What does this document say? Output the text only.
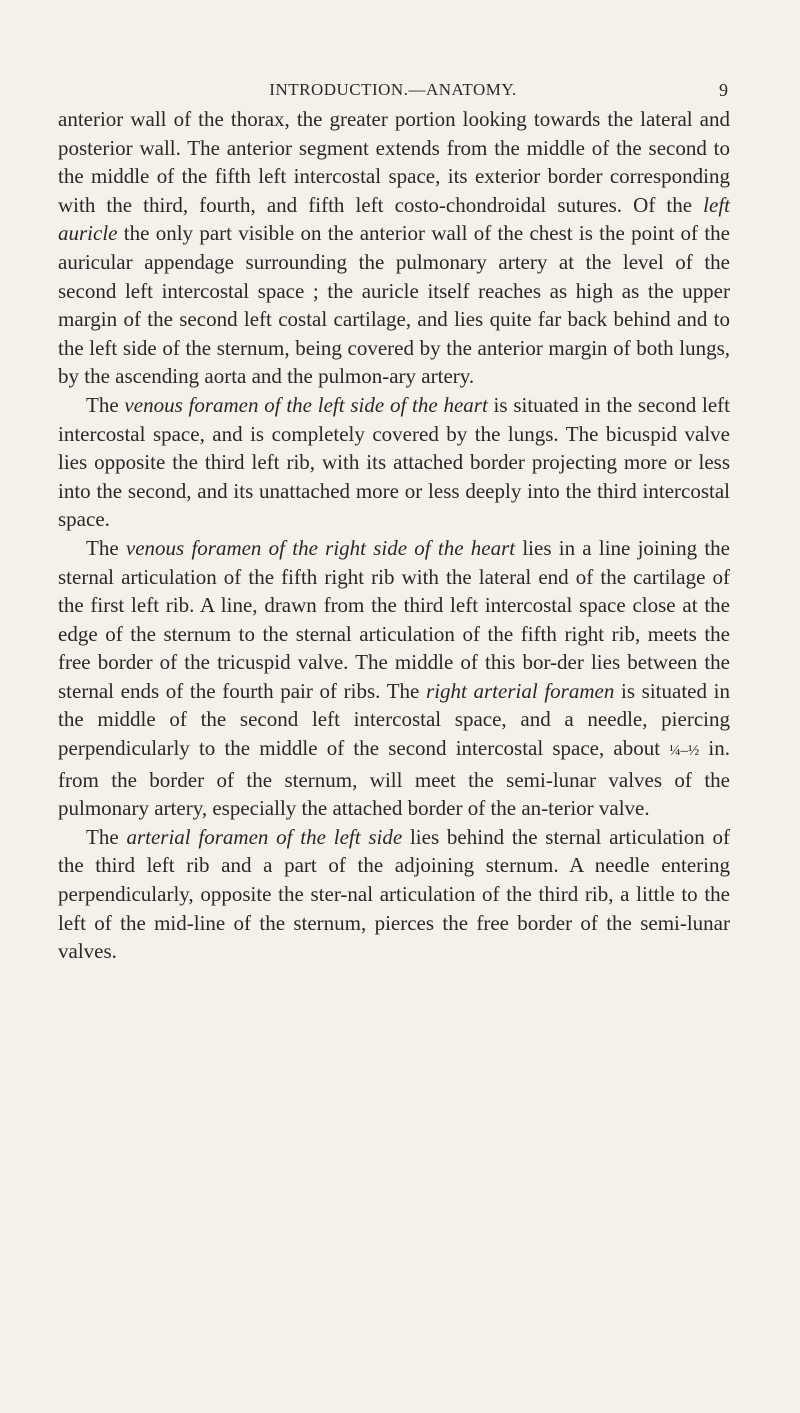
INTRODUCTION.—ANATOMY.	9

anterior wall of the thorax, the greater portion looking towards the lateral and posterior wall. The anterior segment extends from the middle of the second to the middle of the fifth left intercostal space, its exterior border corresponding with the third, fourth, and fifth left costo-chondroidal sutures. Of the left auricle the only part visible on the anterior wall of the chest is the point of the auricular appendage surrounding the pulmonary artery at the level of the second left intercostal space ; the auricle itself reaches as high as the upper margin of the second left costal cartilage, and lies quite far back behind and to the left side of the sternum, being covered by the anterior margin of both lungs, by the ascending aorta and the pulmon-ary artery.

The venous foramen of the left side of the heart is situated in the second left intercostal space, and is completely covered by the lungs. The bicuspid valve lies opposite the third left rib, with its attached border projecting more or less into the second, and its unattached more or less deeply into the third intercostal space.

The venous foramen of the right side of the heart lies in a line joining the sternal articulation of the fifth right rib with the lateral end of the cartilage of the first left rib. A line, drawn from the third left intercostal space close at the edge of the sternum to the sternal articulation of the fifth right rib, meets the free border of the tricuspid valve. The middle of this bor-der lies between the sternal ends of the fourth pair of ribs. The right arterial foramen is situated in the middle of the second left intercostal space, and a needle, piercing perpendicularly to the middle of the second intercostal space, about ¼–½ in. from the border of the sternum, will meet the semi-lunar valves of the pulmonary artery, especially the attached border of the an-terior valve.

The arterial foramen of the left side lies behind the sternal articulation of the third left rib and a part of the adjoining sternum. A needle entering perpendicularly, opposite the ster-nal articulation of the third rib, a little to the left of the mid-line of the sternum, pierces the free border of the semi-lunar valves.
